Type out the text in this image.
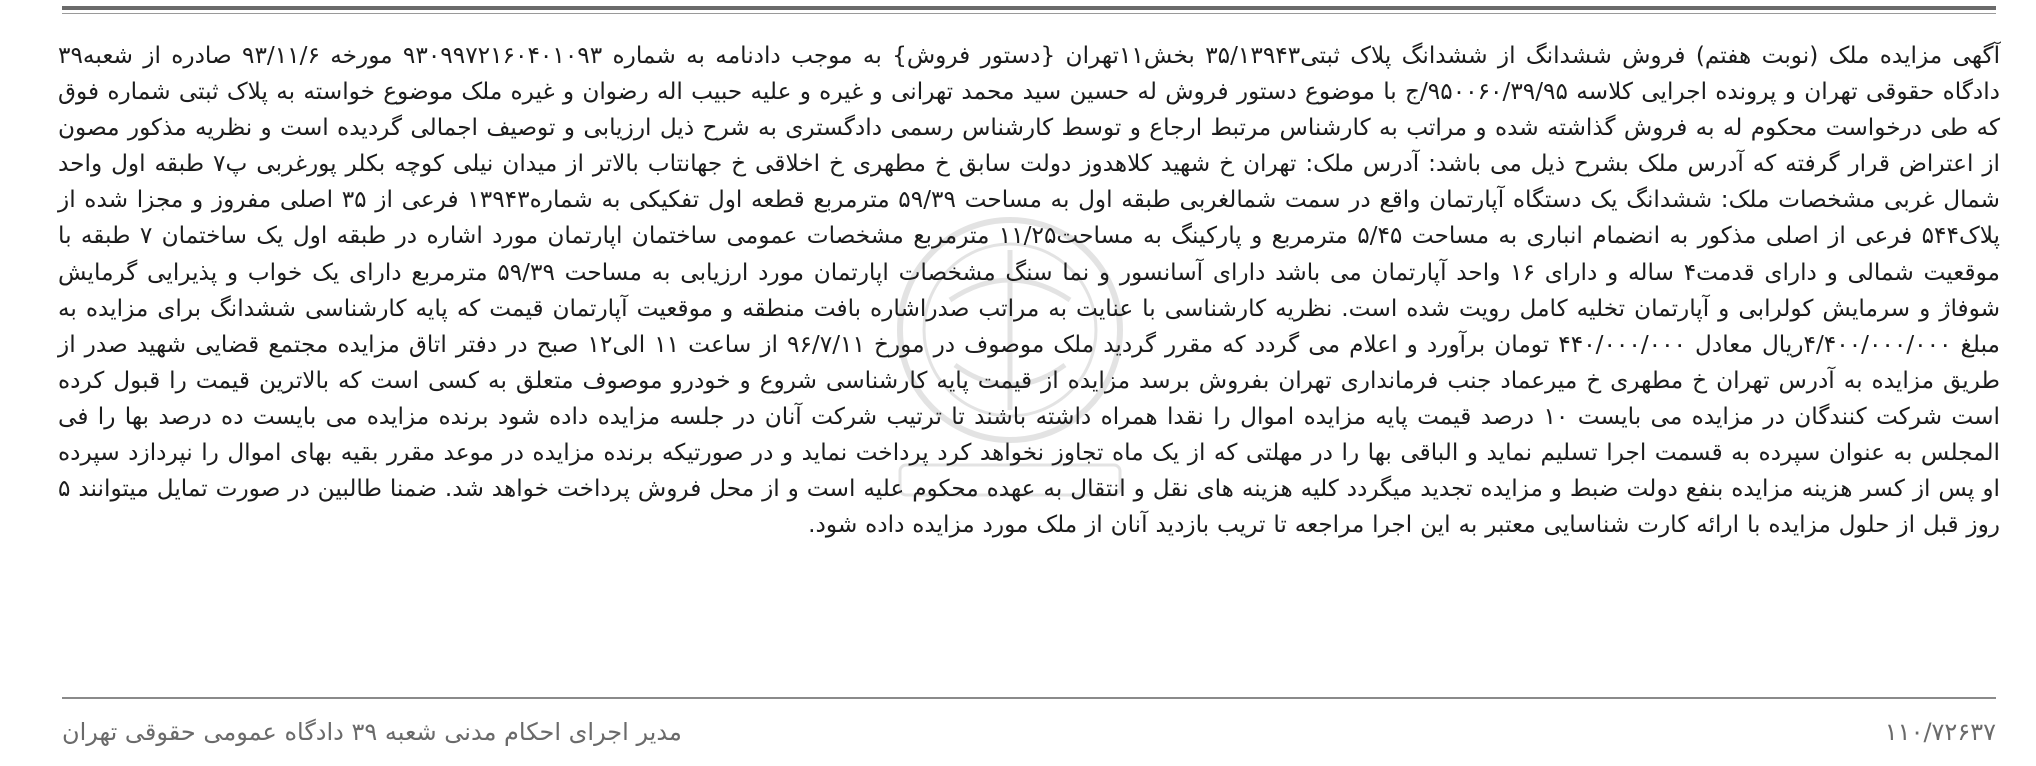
آگهی مزایده ملک (نوبت هفتم) فروش ششدانگ از ششدانگ پلاک ثبتی۳۵/۱۳۹۴۳ بخش۱۱تهران {دستور فروش} به موجب دادنامه به شماره ۹۳۰۹۹۷۲۱۶۰۴۰۱۰۹۳ مورخه ۹۳/۱۱/۶ صادره از شعبه۳۹ دادگاه حقوقی تهران و پرونده اجرایی کلاسه ۹۵۰۰۶۰/۳۹/۹۵/ج با موضوع دستور فروش له حسین سید محمد تهرانی و غیره و علیه حبیب اله رضوان و غیره ملک موضوع خواسته به پلاک ثبتی شماره فوق که طی درخواست محکوم له به فروش گذاشته شده و مراتب به کارشناس مرتبط ارجاع و توسط کارشناس رسمی دادگستری به شرح ذیل ارزیابی و توصیف اجمالی گردیده است و نظریه مذکور مصون از اعتراض قرار گرفته که آدرس ملک بشرح ذیل می باشد: آدرس ملک: تهران خ شهید کلاهدوز دولت سابق خ مطهری خ اخلاقی خ جهانتاب بالاتر از میدان نیلی کوچه بکلر پورغربی پ۷ طبقه اول واحد شمال غربی مشخصات ملک: ششدانگ یک دستگاه آپارتمان واقع در سمت شمالغربی طبقه اول به مساحت ۵۹/۳۹ مترمربع قطعه اول تفکیکی به شماره۱۳۹۴۳ فرعی از ۳۵ اصلی مفروز و مجزا شده از پلاک۵۴۴ فرعی از اصلی مذکور به انضمام انباری به مساحت ۵/۴۵ مترمربع و پارکینگ به مساحت۱۱/۲۵ مترمربع مشخصات عمومی ساختمان اپارتمان مورد اشاره در طبقه اول یک ساختمان ۷ طبقه با موقعیت شمالی و دارای قدمت۴ ساله و دارای ۱۶ واحد آپارتمان می باشد دارای آسانسور و نما سنگ مشخصات اپارتمان مورد ارزیابی به مساحت ۵۹/۳۹ مترمربع دارای یک خواب و پذیرایی گرمایش شوفاژ و سرمایش کولرابی و آپارتمان تخلیه کامل رویت شده است. نظریه کارشناسی با عنایت به مراتب صدراشاره بافت منطقه و موقعیت آپارتمان قیمت که پایه کارشناسی ششدانگ برای مزایده به مبلغ ۴/۴۰۰/۰۰۰/۰۰۰ریال معادل ۴۴۰/۰۰۰/۰۰۰ تومان برآورد و اعلام می گردد که مقرر گردید ملک موصوف در مورخ ۹۶/۷/۱۱ از ساعت ۱۱ الی۱۲ صبح در دفتر اتاق مزایده مجتمع قضایی شهید صدر از طریق مزایده به آدرس تهران خ مطهری خ میرعماد جنب فرمانداری تهران بفروش برسد مزایده از قیمت پایه کارشناسی شروع و خودرو موصوف متعلق به کسی است که بالاترین قیمت را قبول کرده است شرکت کنندگان در مزایده می بایست ۱۰ درصد قیمت پایه مزایده اموال را نقدا همراه داشته باشند تا ترتیب شرکت آنان در جلسه مزایده داده شود برنده مزایده می بایست ده درصد بها را فی المجلس به عنوان سپرده به قسمت اجرا تسلیم نماید و الباقی بها را در مهلتی که از یک ماه تجاوز نخواهد کرد پرداخت نماید و در صورتیکه برنده مزایده در موعد مقرر بقیه بهای اموال را نپردازد سپرده او پس از کسر هزینه مزایده بنفع دولت ضبط و مزایده تجدید میگردد کلیه هزینه های نقل و انتقال به عهده محکوم علیه است و از محل فروش پرداخت خواهد شد. ضمنا طالبین در صورت تمایل میتوانند ۵ روز قبل از حلول مزایده با ارائه کارت شناسایی معتبر به این اجرا مراجعه تا تریب بازدید آنان از ملک مورد مزایده داده شود.
مدیر اجرای احکام مدنی شعبه ۳۹ دادگاه عمومی حقوقی تهران	۱۱۰/۷۲۶۳۷
